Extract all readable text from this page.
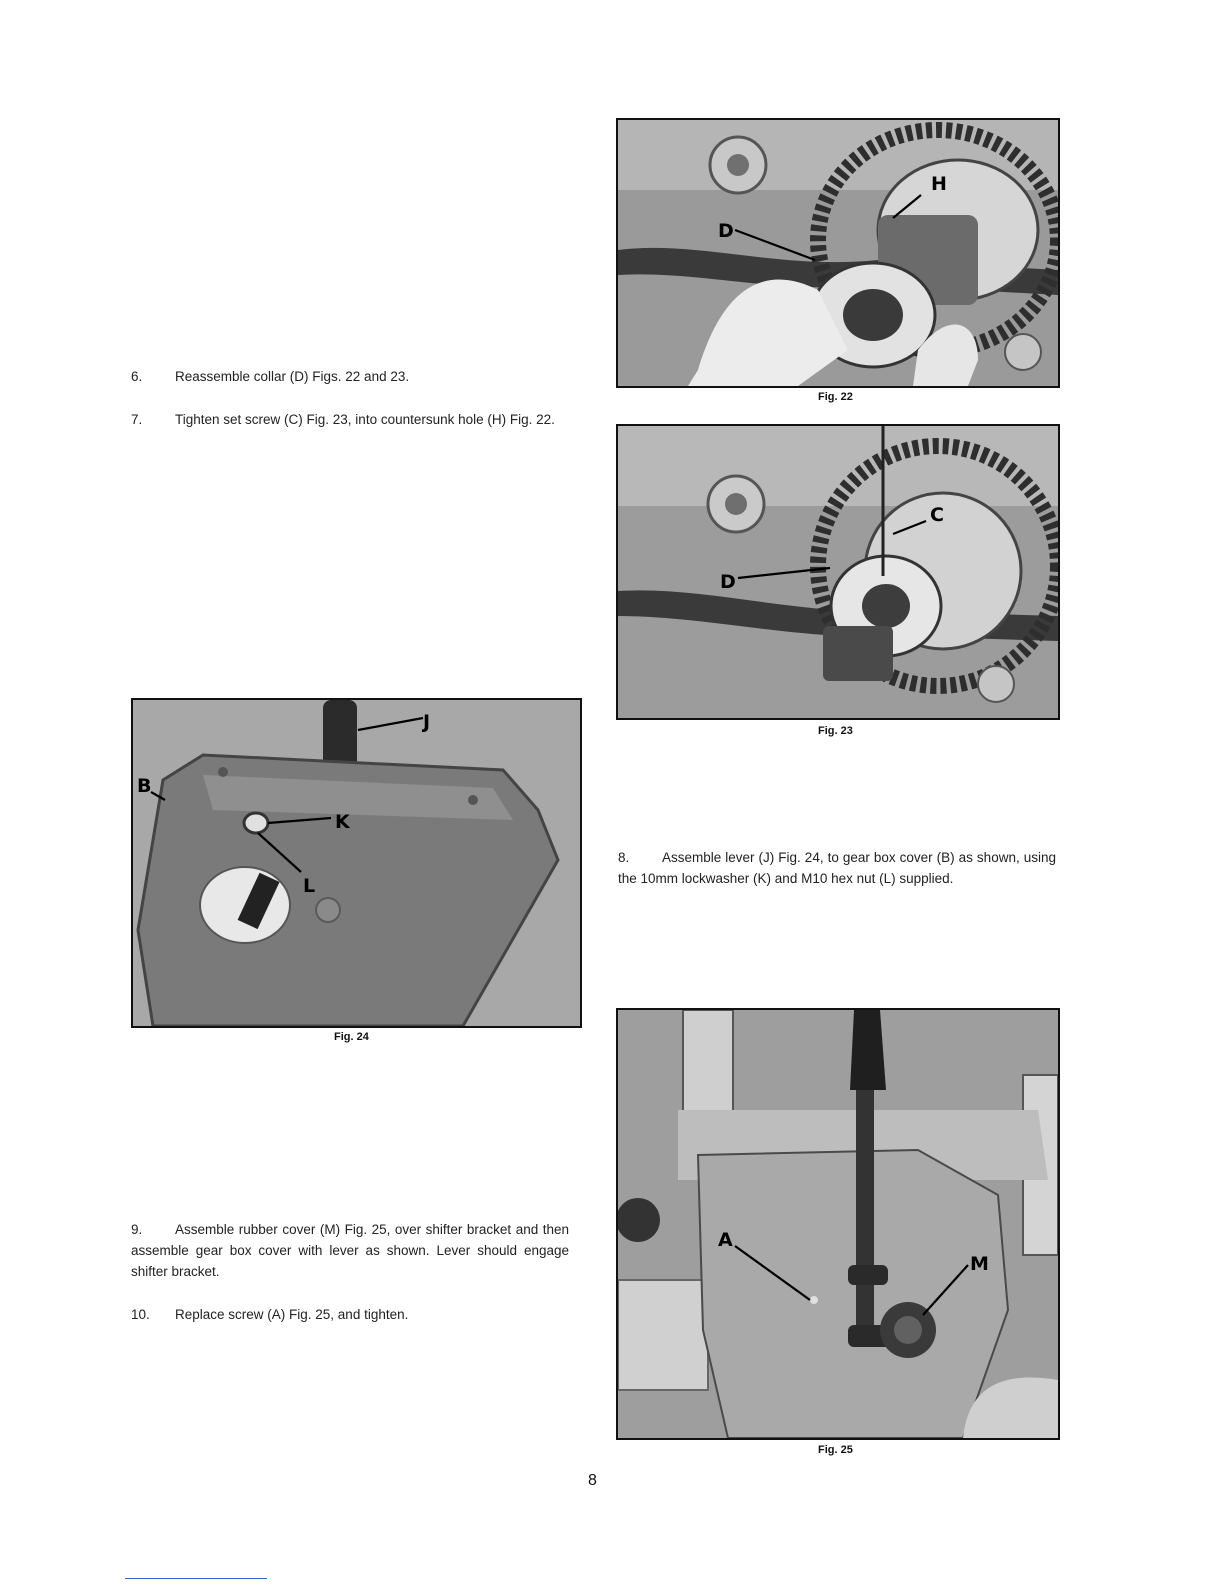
6. Reassemble collar (D) Figs. 22 and 23.
7. Tighten set screw (C) Fig. 23, into countersunk hole (H) Fig. 22.
8. Assemble lever (J) Fig. 24, to gear box cover (B) as shown, using the 10mm lockwasher (K) and M10 hex nut (L) supplied.
9. Assemble rubber cover (M) Fig. 25, over shifter bracket and then assemble gear box cover with lever as shown. Lever should engage shifter bracket.
10. Replace screw (A) Fig. 25, and tighten.
D
H
Fig. 22
D
C
Fig. 23
J
B
K
L
Fig. 24
A
M
Fig. 25
8
